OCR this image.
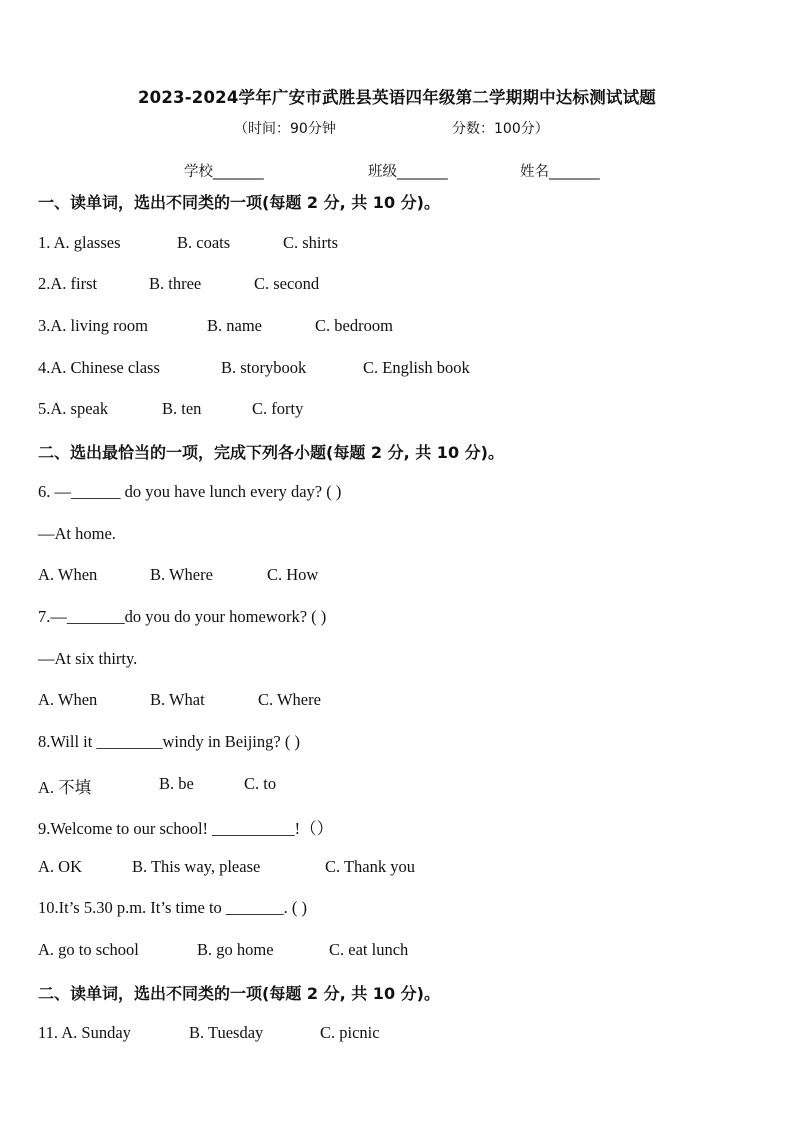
2023-2024学年广安市武胜县英语四年级第二学期期中达标测试试题
（时间：90分钟	分数：100分）
学校_______	班级_______	姓名_______
一、读单词，选出不同类的一项(每题 2 分, 共 10 分)。
1. A. glasses	B. coats	C. shirts
2.A. first	B. three	C. second
3.A. living room	B. name	C. bedroom
4.A. Chinese class	B. storybook	C. English book
5.A. speak	B. ten	C. forty
二、选出最恰当的一项，完成下列各小题(每题 2 分, 共 10 分)。
6. —______ do you have lunch every day? ( )
—At home.
A. When	B. Where	C. How
7.—_______do you do your homework? ( )
—At six thirty.
A. When	B. What	C. Where
8.Will it ________windy in Beijing? ( )
A. 不填	B. be	C. to
9.Welcome to our school! __________!（）
A. OK	B. This way, please	C. Thank you
10.It’s 5.30 p.m. It’s time to _______. ( )
A. go to school	B. go home	C. eat lunch
二、读单词，选出不同类的一项(每题 2 分, 共 10 分)。
11. A. Sunday	B. Tuesday	C. picnic
